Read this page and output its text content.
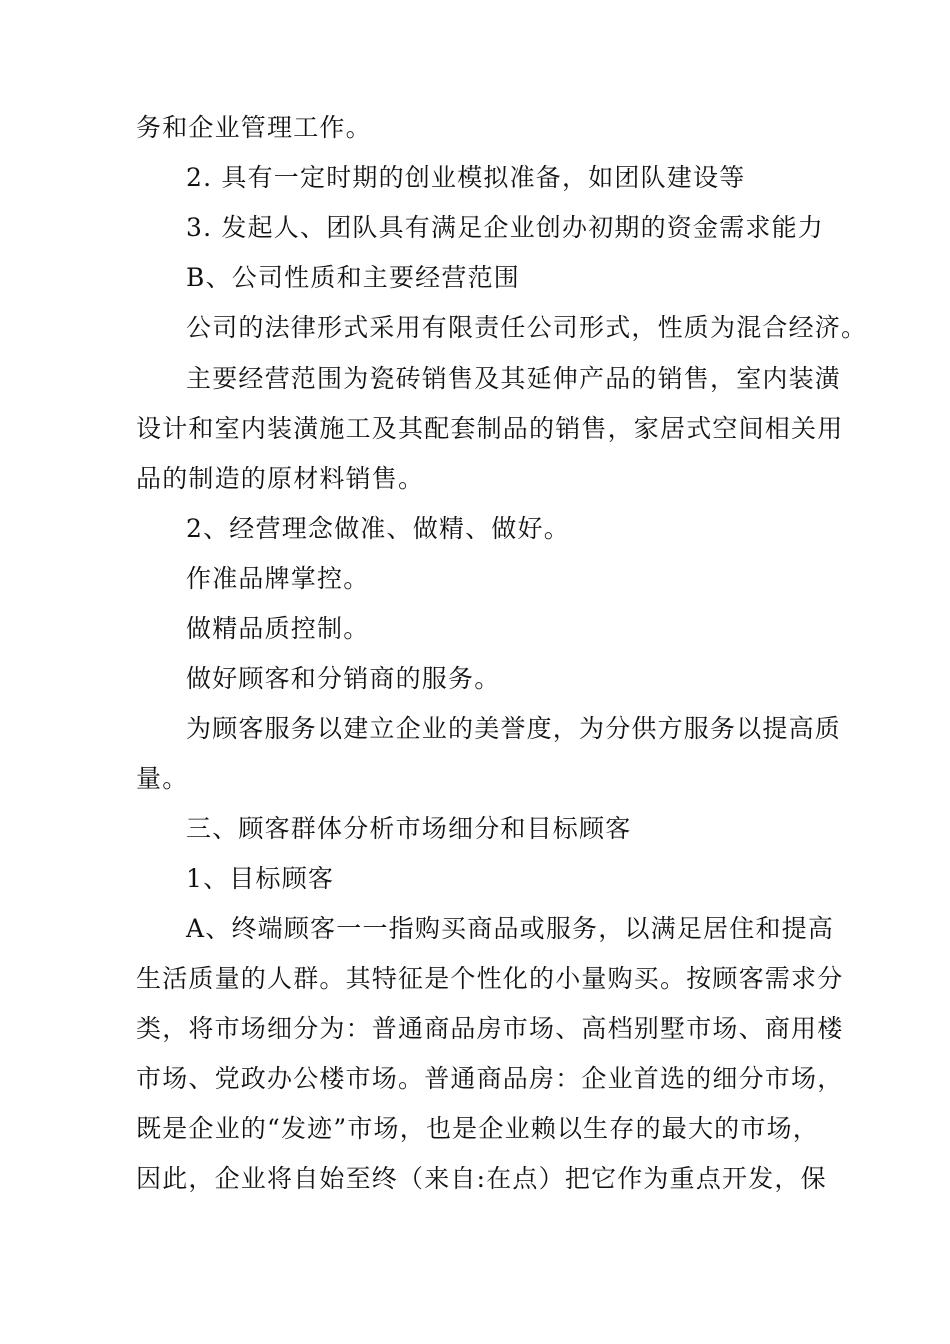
务和企业管理工作。
2. 具有一定时期的创业模拟准备，如团队建设等
3. 发起人、团队具有满足企业创办初期的资金需求能力
B、公司性质和主要经营范围
公司的法律形式采用有限责任公司形式，性质为混合经济。
主要经营范围为瓷砖销售及其延伸产品的销售，室内装潢
设计和室内装潢施工及其配套制品的销售，家居式空间相关用
品的制造的原材料销售。
2、经营理念做准、做精、做好。
作准品牌掌控。
做精品质控制。
做好顾客和分销商的服务。
为顾客服务以建立企业的美誉度，为分供方服务以提高质
量。
三、顾客群体分析市场细分和目标顾客
1、目标顾客
A、终端顾客一一指购买商品或服务，以满足居住和提高
生活质量的人群。其特征是个性化的小量购买。按顾客需求分
类，将市场细分为：普通商品房市场、高档别墅市场、商用楼
市场、党政办公楼市场。普通商品房：企业首选的细分市场，
既是企业的“发迹”市场，也是企业赖以生存的最大的市场，
因此，企业将自始至终（来自:在点）把它作为重点开发，保
